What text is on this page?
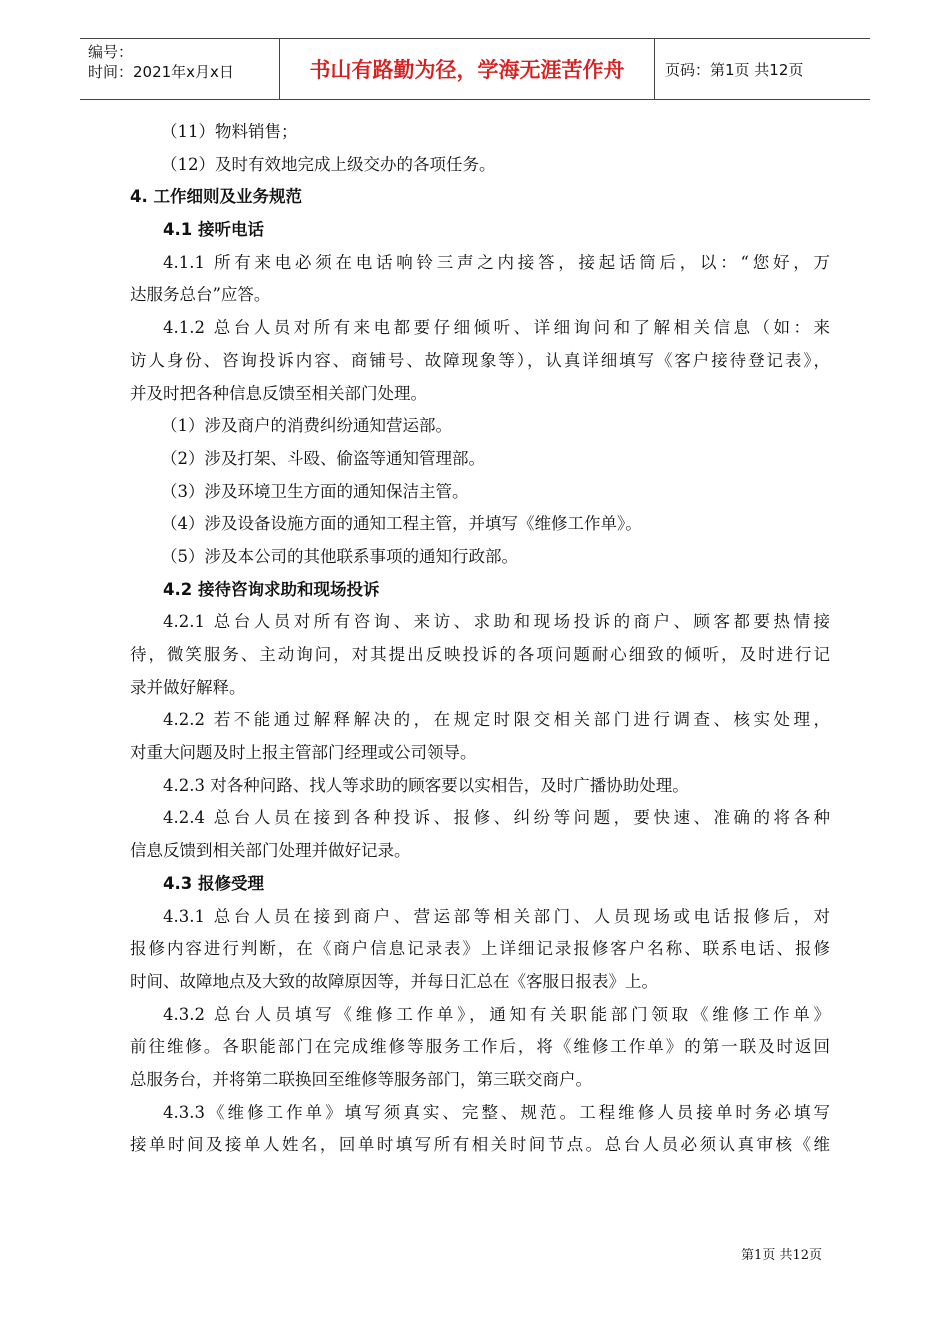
编号：
时间：2021年x月x日	书山有路勤为径，学海无涯苦作舟	页码：第1页 共12页
（11）物料销售；
（12）及时有效地完成上级交办的各项任务。
4. 工作细则及业务规范
4.1 接听电话
4.1.1 所有来电必须在电话响铃三声之内接答，接起话筒后，以：“您好，万
达服务总台”应答。
4.1.2 总台人员对所有来电都要仔细倾听、详细询问和了解相关信息（如：来
访人身份、咨询投诉内容、商铺号、故障现象等），认真详细填写《客户接待登记表》，
并及时把各种信息反馈至相关部门处理。
（1）涉及商户的消费纠纷通知营运部。
（2）涉及打架、斗殴、偷盗等通知管理部。
（3）涉及环境卫生方面的通知保洁主管。
（4）涉及设备设施方面的通知工程主管，并填写《维修工作单》。
（5）涉及本公司的其他联系事项的通知行政部。
4.2 接待咨询求助和现场投诉
4.2.1 总台人员对所有咨询、来访、求助和现场投诉的商户、顾客都要热情接
待，微笑服务、主动询问，对其提出反映投诉的各项问题耐心细致的倾听，及时进行记
录并做好解释。
4.2.2 若不能通过解释解决的，在规定时限交相关部门进行调查、核实处理，
对重大问题及时上报主管部门经理或公司领导。
4.2.3 对各种问路、找人等求助的顾客要以实相告，及时广播协助处理。
4.2.4 总台人员在接到各种投诉、报修、纠纷等问题，要快速、准确的将各种
信息反馈到相关部门处理并做好记录。
4.3 报修受理
4.3.1 总台人员在接到商户、营运部等相关部门、人员现场或电话报修后，对
报修内容进行判断，在《商户信息记录表》上详细记录报修客户名称、联系电话、报修
时间、故障地点及大致的故障原因等，并每日汇总在《客服日报表》上。
4.3.2 总台人员填写《维修工作单》，通知有关职能部门领取《维修工作单》
前往维修。各职能部门在完成维修等服务工作后，将《维修工作单》的第一联及时返回
总服务台，并将第二联换回至维修等服务部门，第三联交商户。
4.3.3《维修工作单》填写须真实、完整、规范。工程维修人员接单时务必填写
接单时间及接单人姓名，回单时填写所有相关时间节点。总台人员必须认真审核《维
第1页 共12页
